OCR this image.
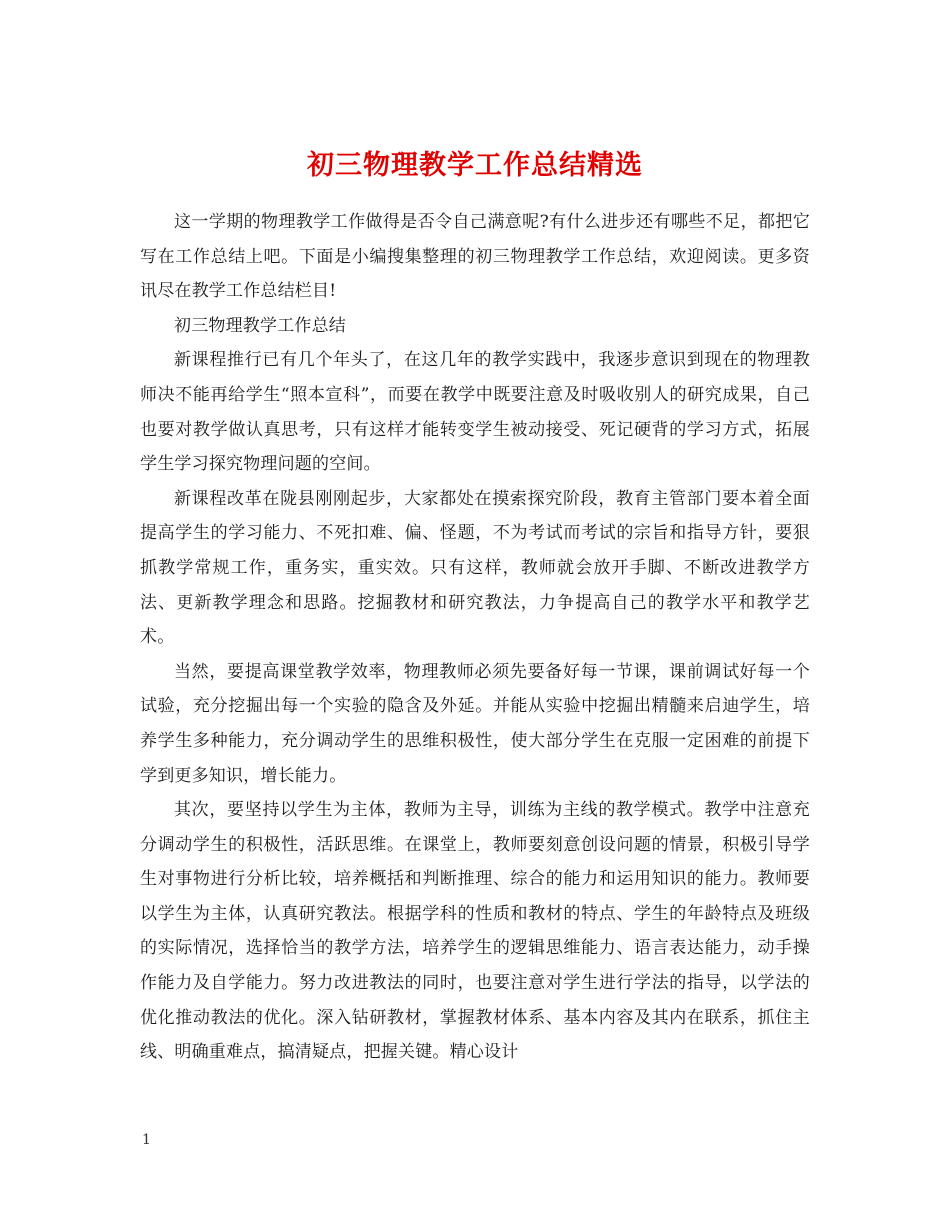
初三物理教学工作总结精选

这一学期的物理教学工作做得是否令自己满意呢?有什么进步还有哪些不足，都把它写在工作总结上吧。下面是小编搜集整理的初三物理教学工作总结，欢迎阅读。更多资讯尽在教学工作总结栏目!

初三物理教学工作总结

新课程推行已有几个年头了，在这几年的教学实践中，我逐步意识到现在的物理教师决不能再给学生“照本宣科”，而要在教学中既要注意及时吸收别人的研究成果，自己也要对教学做认真思考，只有这样才能转变学生被动接受、死记硬背的学习方式，拓展学生学习探究物理问题的空间。

新课程改革在陇县刚刚起步，大家都处在摸索探究阶段，教育主管部门要本着全面提高学生的学习能力、不死扣难、偏、怪题，不为考试而考试的宗旨和指导方针，要狠抓教学常规工作，重务实，重实效。只有这样，教师就会放开手脚、不断改进教学方法、更新教学理念和思路。挖掘教材和研究教法，力争提高自己的教学水平和教学艺术。

当然，要提高课堂教学效率，物理教师必须先要备好每一节课，课前调试好每一个试验，充分挖掘出每一个实验的隐含及外延。并能从实验中挖掘出精髓来启迪学生，培养学生多种能力，充分调动学生的思维积极性，使大部分学生在克服一定困难的前提下学到更多知识，增长能力。

其次，要坚持以学生为主体，教师为主导，训练为主线的教学模式。教学中注意充分调动学生的积极性，活跃思维。在课堂上，教师要刻意创设问题的情景，积极引导学生对事物进行分析比较，培养概括和判断推理、综合的能力和运用知识的能力。教师要以学生为主体，认真研究教法。根据学科的性质和教材的特点、学生的年龄特点及班级的实际情况，选择恰当的教学方法，培养学生的逻辑思维能力、语言表达能力，动手操作能力及自学能力。努力改进教法的同时，也要注意对学生进行学法的指导，以学法的优化推动教法的优化。深入钻研教材，掌握教材体系、基本内容及其内在联系，抓住主线、明确重难点，搞清疑点，把握关键。精心设计

1
